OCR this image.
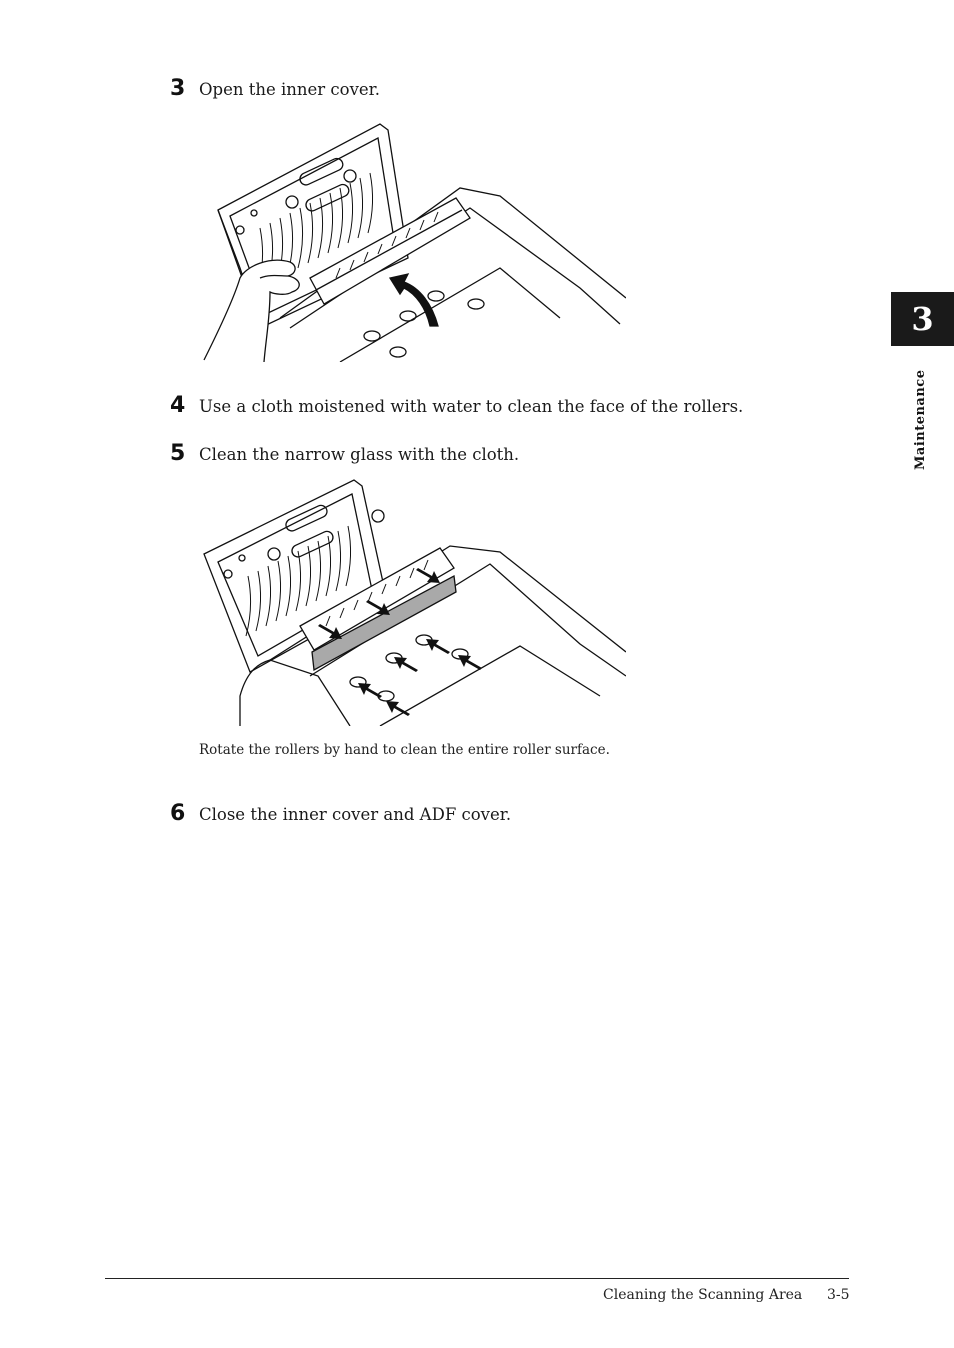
3 Open the inner cover.
4 Use a cloth moistened with water to clean the face of the rollers.
5 Clean the narrow glass with the cloth.
Rotate the rollers by hand to clean the entire roller surface.
6 Close the inner cover and ADF cover.
3
Maintenance
Cleaning the Scanning Area 3-5
